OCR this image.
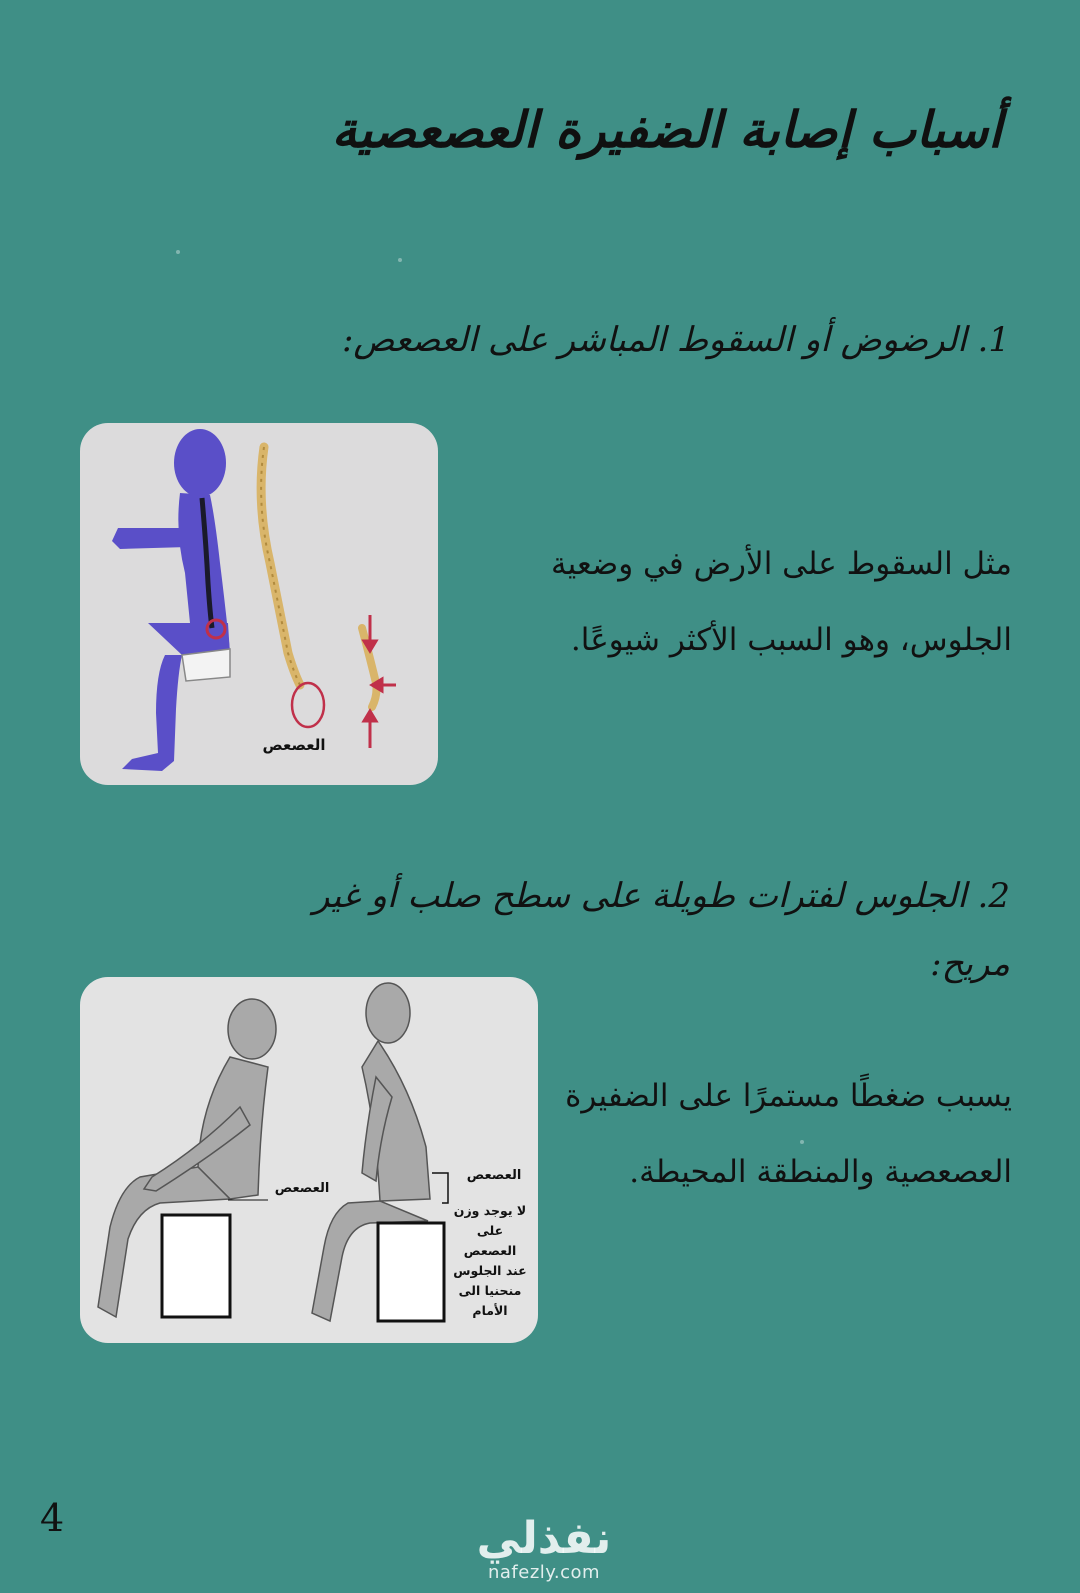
أسباب إصابة الضفيرة العصعصية
1. الرضوض أو السقوط المباشر على العصعص:
العصعص
مثل السقوط على الأرض في وضعية الجلوس، وهو السبب الأكثر شيوعًا.
2. الجلوس لفترات طويلة على سطح صلب أو غير مريح:
العصعص
العصعص
لا يوجد وزن
على
العصعص
عند الجلوس
منحنيا الى
الأمام
يسبب ضغطًا مستمرًا على الضفيرة العصعصية والمنطقة المحيطة.
4	نفذلي
nafezly.com
